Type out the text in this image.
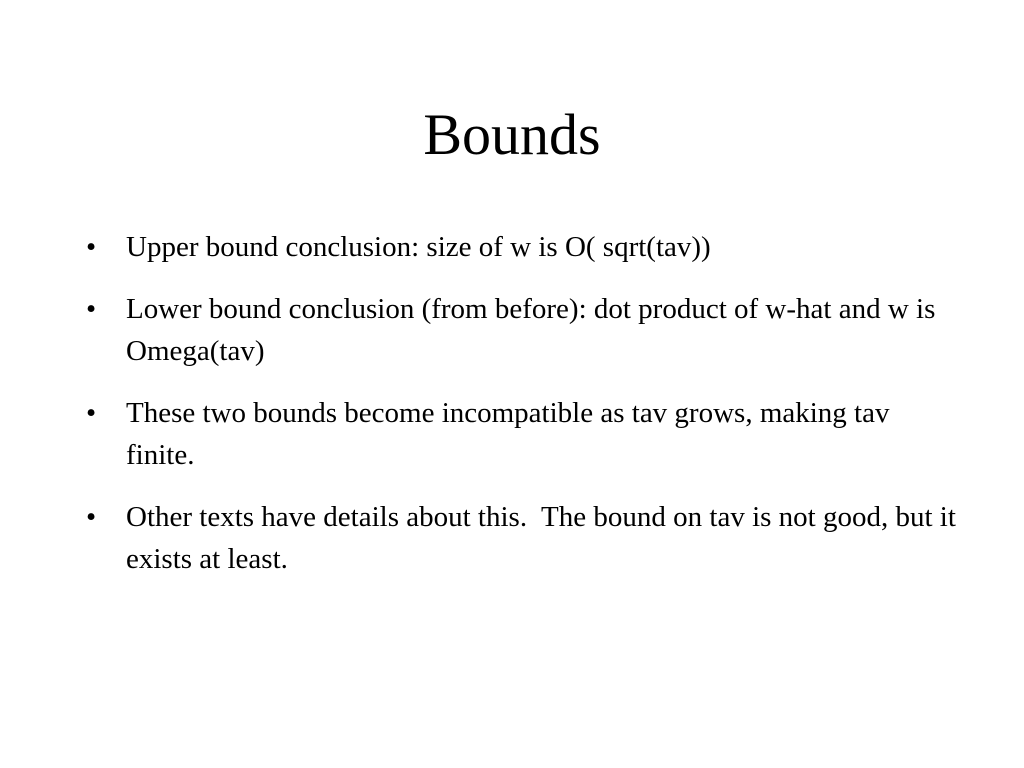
Bounds
•	Upper bound conclusion: size of w is O( sqrt(tav))
•	Lower bound conclusion (from before): dot product of w-hat and w is Omega(tav)
•	These two bounds become incompatible as tav grows, making tav finite.
•	Other texts have details about this.  The bound on tav is not good, but it exists at least.
